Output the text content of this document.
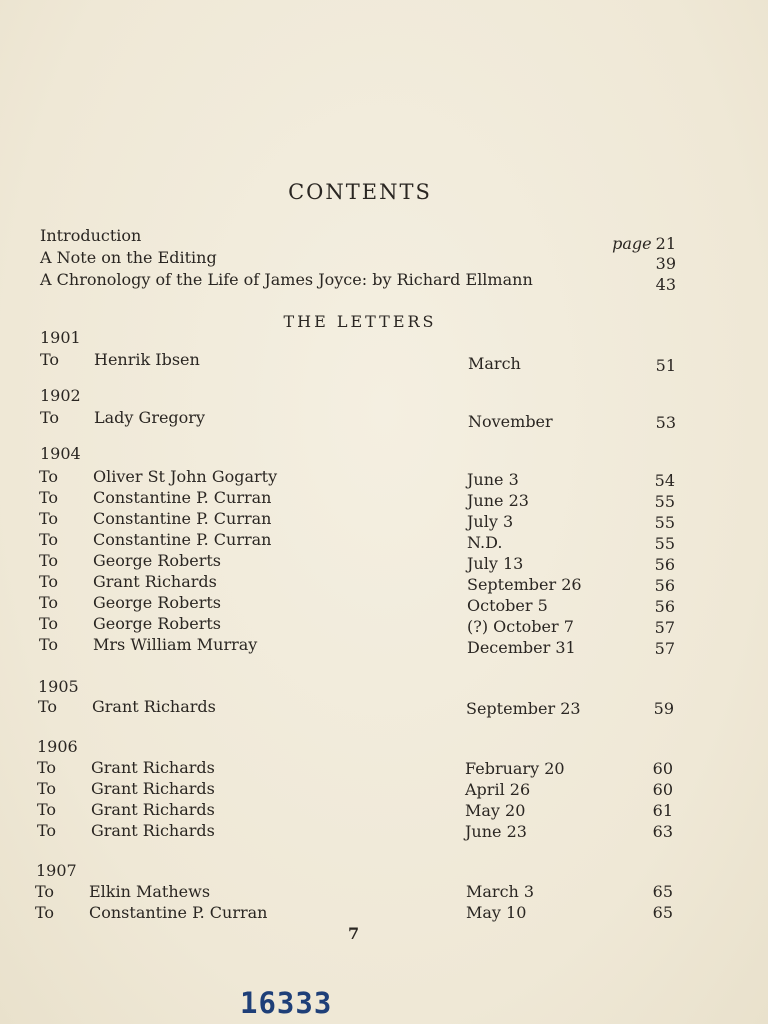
CONTENTS
Introduction	page 21
A Note on the Editing	39
A Chronology of the Life of James Joyce: by Richard Ellmann	43
THE LETTERS
1901
To Henrik Ibsen	March	51
1902
To Lady Gregory	November	53
1904
To Oliver St John Gogarty	June 3	54
To Constantine P. Curran	June 23	55
To Constantine P. Curran	July 3	55
To Constantine P. Curran	N.D.	55
To George Roberts	July 13	56
To Grant Richards	September 26	56
To George Roberts	October 5	56
To George Roberts	(?) October 7	57
To Mrs William Murray	December 31	57
1905
To Grant Richards	September 23	59
1906
To Grant Richards	February 20	60
To Grant Richards	April 26	60
To Grant Richards	May 20	61
To Grant Richards	June 23	63
1907
To Elkin Mathews	March 3	65
To Constantine P. Curran	May 10	65
7
16333
